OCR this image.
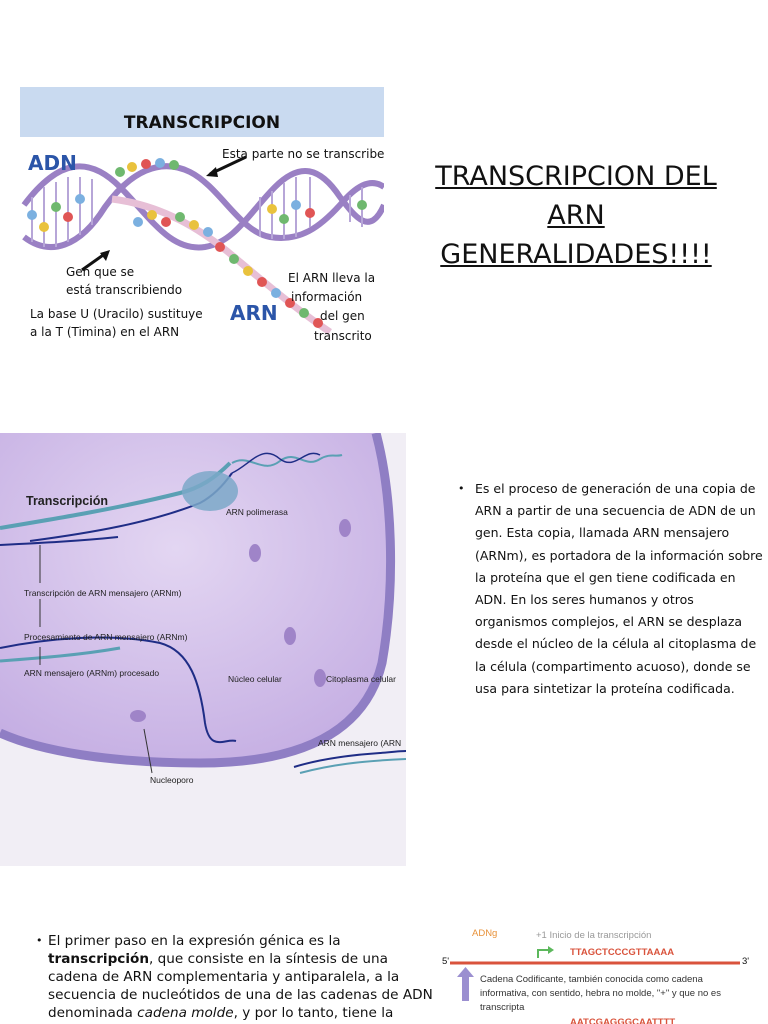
TRANSCRIPCION
ADN	Esta parte no se transcribe
Gen que se
está transcribiendo
La base U (Uracilo) sustituye
a la T (Timina) en el ARN
ARN
El ARN lleva la
información
del gen
transcrito
TRANSCRIPCION DEL
ARN
GENERALIDADES!!!!
Transcripción
ARN polimerasa
Transcripción de ARN mensajero (ARNm)
Procesamiento de ARN mensajero (ARNm)
ARN mensajero (ARNm) procesado
Núcleo celular	Citoplasma celular
ARN mensajero (ARN
Nucleoporo
• Es el proceso de generación de una copia de ARN a partir de una secuencia de ADN de un gen. Esta copia, llamada ARN mensajero (ARNm), es portadora de la información sobre la proteína que el gen tiene codificada en ADN. En los seres humanos y otros organismos complejos, el ARN se desplaza desde el núcleo de la célula al citoplasma de la célula (compartimento acuoso), donde se usa para sintetizar la proteína codificada.
• El primer paso en la expresión génica es la transcripción, que consiste en la síntesis de una cadena de ARN complementaria y antiparalela, a la secuencia de nucleótidos de una de las cadenas de ADN denominada cadena molde, y por lo tanto, tiene la
ADNg	+1 Inicio de la transcripción
TTAGCTCCCGTTAAAA
5'	3'
Cadena Codificante, también conocida como cadena
informativa, con sentido, hebra no molde, "+" y que no es
transcripta
AATCGAGGGCAATTTT
